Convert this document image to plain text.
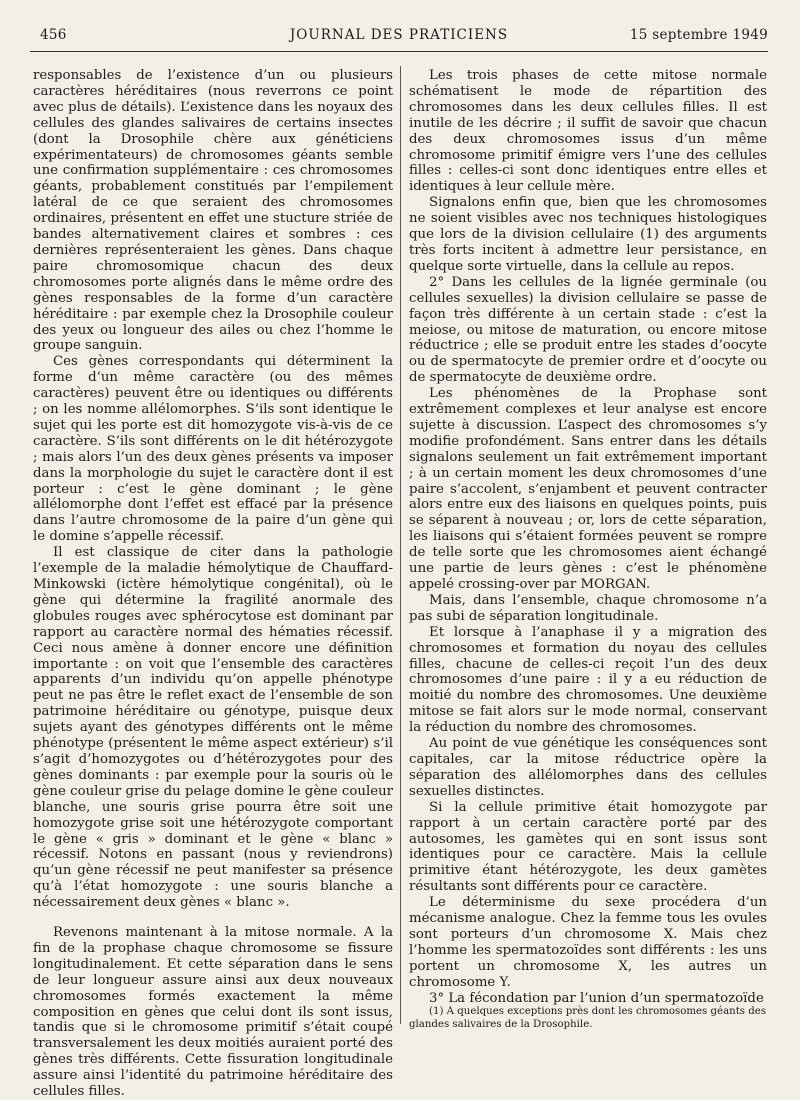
456	JOURNAL DES PRATICIENS	15 septembre 1949

responsables de l’existence d’un ou plusieurs caractères héréditaires (nous reverrons ce point avec plus de détails). L’existence dans les noyaux des cellules des glandes salivaires de certains insectes (dont la Drosophile chère aux généticiens expérimentateurs) de chromosomes géants semble une confirmation supplémentaire : ces chromosomes géants, probablement constitués par l’empilement latéral de ce que seraient des chromosomes ordinaires, présentent en effet une stucture striée de bandes alternativement claires et sombres : ces dernières représenteraient les gènes. Dans chaque paire chromosomique chacun des deux chromosomes porte alignés dans le même ordre des gènes responsables de la forme d’un caractère héréditaire : par exemple chez la Drosophile couleur des yeux ou longueur des ailes ou chez l’homme le groupe sanguin.

Ces gènes correspondants qui déterminent la forme d’un même caractère (ou des mêmes caractères) peuvent être ou identiques ou différents ; on les nomme allélomorphes. S’ils sont identique le sujet qui les porte est dit homozygote vis-à-vis de ce caractère. S’ils sont différents on le dit hétérozygote ; mais alors l’un des deux gènes présents va imposer dans la morphologie du sujet le caractère dont il est porteur : c’est le gène dominant ; le gène allélomorphe dont l’effet est effacé par la présence dans l’autre chromosome de la paire d’un gène qui le domine s’appelle récessif.

Il est classique de citer dans la pathologie l’exemple de la maladie hémolytique de Chauffard-Minkowski (ictère hémolytique congénital), où le gène qui détermine la fragilité anormale des globules rouges avec sphérocytose est dominant par rapport au caractère normal des hématies récessif. Ceci nous amène à donner encore une définition importante : on voit que l’ensemble des caractères apparents d’un individu qu’on appelle phénotype peut ne pas être le reflet exact de l’ensemble de son patrimoine héréditaire ou génotype, puisque deux sujets ayant des génotypes différents ont le même phénotype (présentent le même aspect extérieur) s’il s’agit d’homozygotes ou d’hétérozygotes pour des gènes dominants : par exemple pour la souris où le gène couleur grise du pelage domine le gène couleur blanche, une souris grise pourra être soit une homozygote grise soit une hétérozygote comportant le gène « gris » dominant et le gène « blanc » récessif. Notons en passant (nous y reviendrons) qu’un gène récessif ne peut manifester sa présence qu’à l’état homozygote : une souris blanche a nécessairement deux gènes « blanc ».

Revenons maintenant à la mitose normale. A la fin de la prophase chaque chromosome se fissure longitudinalement. Et cette séparation dans le sens de leur longueur assure ainsi aux deux nouveaux chromosomes formés exactement la même composition en gènes que celui dont ils sont issus, tandis que si le chromosome primitif s’était coupé transversalement les deux moitiés auraient porté des gènes très différents. Cette fissuration longitudinale assure ainsi l’identité du patrimoine héréditaire des cellules filles.

Les trois phases de cette mitose normale schématisent le mode de répartition des chromosomes dans les deux cellules filles. Il est inutile de les décrire ; il suffit de savoir que chacun des deux chromosomes issus d’un même chromosome primitif émigre vers l’une des cellules filles : celles-ci sont donc identiques entre elles et identiques à leur cellule mère.

Signalons enfin que, bien que les chromosomes ne soient visibles avec nos techniques histologiques que lors de la division cellulaire (1) des arguments très forts incitent à admettre leur persistance, en quelque sorte virtuelle, dans la cellule au repos.

2° Dans les cellules de la lignée germinale (ou cellules sexuelles) la division cellulaire se passe de façon très différente à un certain stade : c’est la meiose, ou mitose de maturation, ou encore mitose réductrice ; elle se produit entre les stades d’oocyte ou de spermatocyte de premier ordre et d’oocyte ou de spermatocyte de deuxième ordre.

Les phénomènes de la Prophase sont extrêmement complexes et leur analyse est encore sujette à discussion. L’aspect des chromosomes s’y modifie profondément. Sans entrer dans les détails signalons seulement un fait extrêmement important ; à un certain moment les deux chromosomes d’une paire s’accolent, s’enjambent et peuvent contracter alors entre eux des liaisons en quelques points, puis se séparent à nouveau ; or, lors de cette séparation, les liaisons qui s’étaient formées peuvent se rompre de telle sorte que les chromosomes aient échangé une partie de leurs gènes : c’est le phénomène appelé crossing-over par MORGAN.

Mais, dans l’ensemble, chaque chromosome n’a pas subi de séparation longitudinale.

Et lorsque à l’anaphase il y a migration des chromosomes et formation du noyau des cellules filles, chacune de celles-ci reçoit l’un des deux chromosomes d’une paire : il y a eu réduction de moitié du nombre des chromosomes. Une deuxième mitose se fait alors sur le mode normal, conservant la réduction du nombre des chromosomes.

Au point de vue génétique les conséquences sont capitales, car la mitose réductrice opère la séparation des allélomorphes dans des cellules sexuelles distinctes.

Si la cellule primitive était homozygote par rapport à un certain caractère porté par des autosomes, les gamètes qui en sont issus sont identiques pour ce caractère. Mais la cellule primitive étant hétérozygote, les deux gamètes résultants sont différents pour ce caractère.

Le déterminisme du sexe procédera d’un mécanisme analogue. Chez la femme tous les ovules sont porteurs d’un chromosome X. Mais chez l’homme les spermatozoïdes sont différents : les uns portent un chromosome X, les autres un chromosome Y.

3° La fécondation par l’union d’un spermatozoïde

(1) A quelques exceptions près dont les chromosomes géants des glandes salivaires de la Drosophile.
